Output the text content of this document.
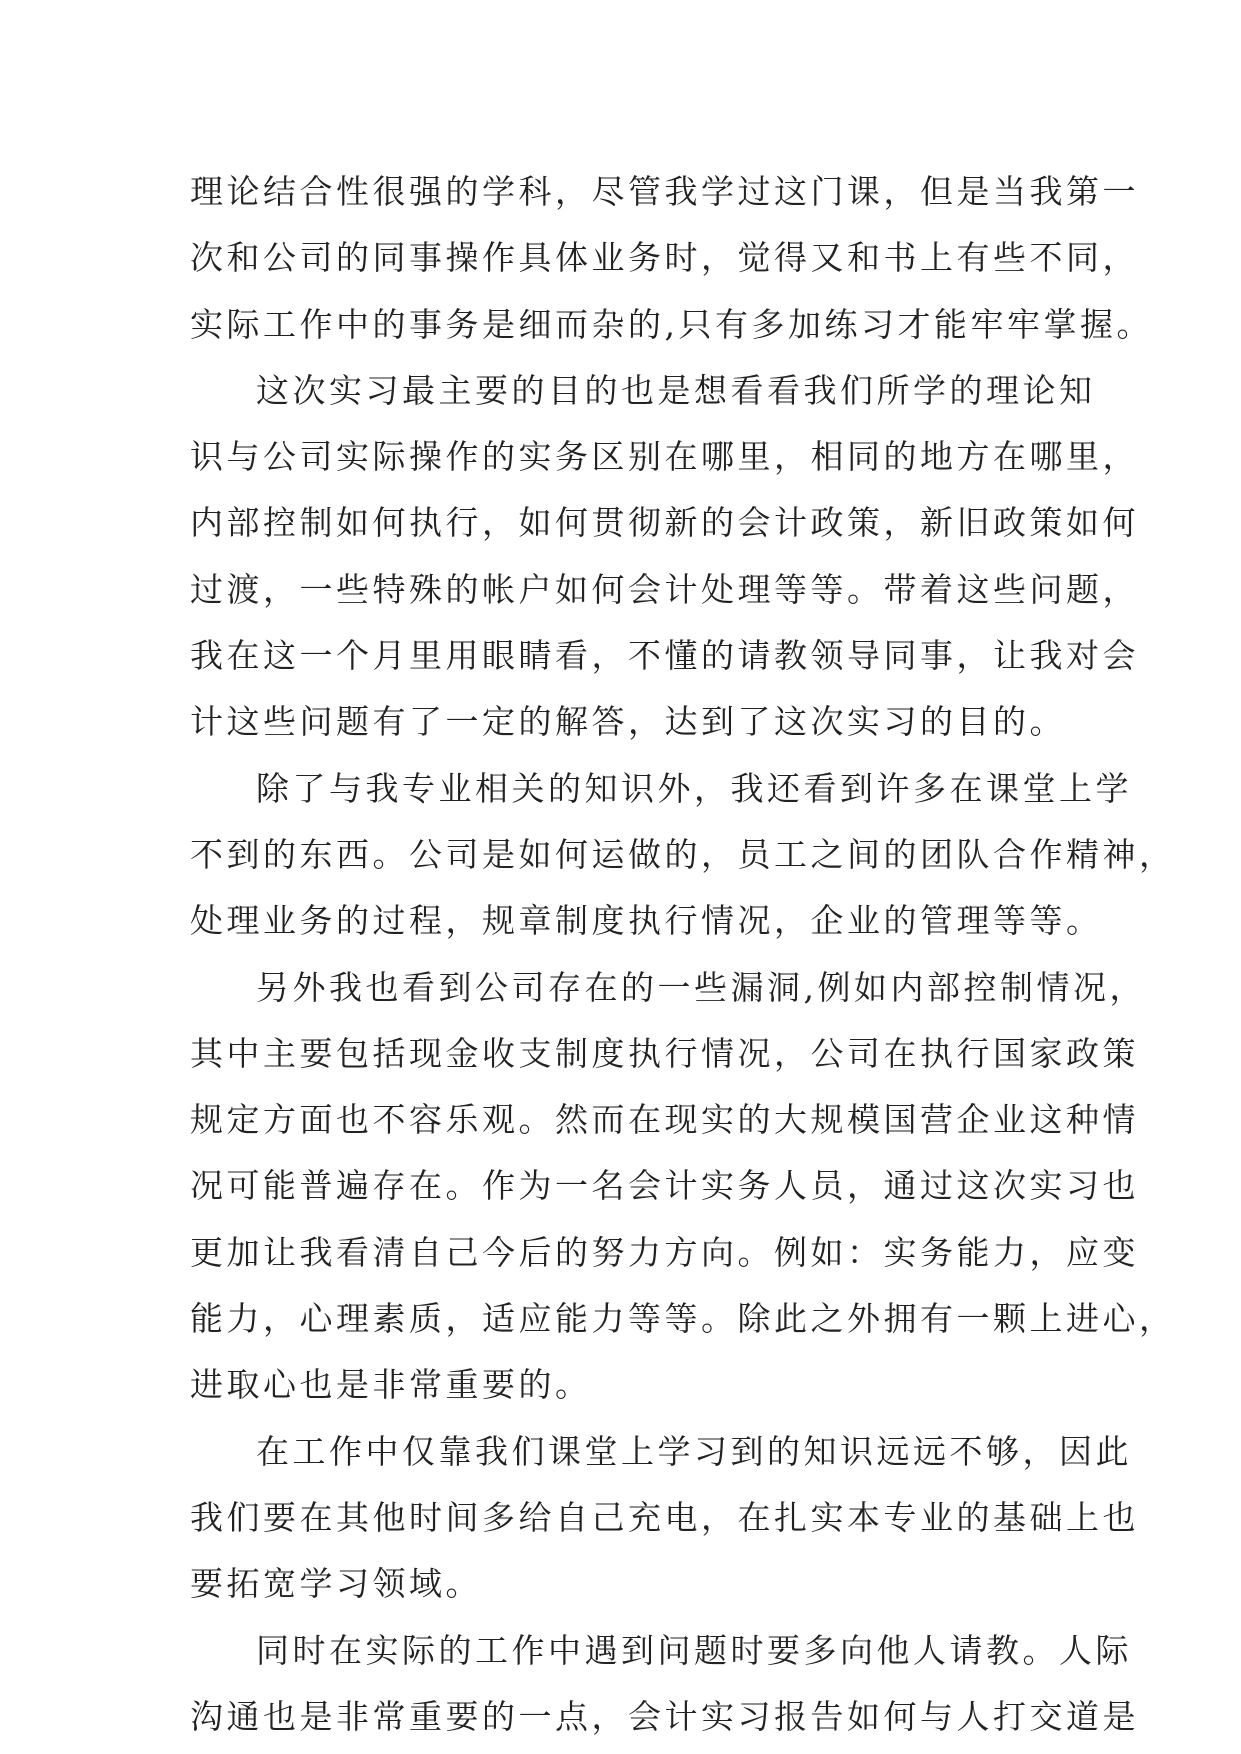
理论结合性很强的学科，尽管我学过这门课，但是当我第一
次和公司的同事操作具体业务时，觉得又和书上有些不同，
实际工作中的事务是细而杂的,只有多加练习才能牢牢掌握。
这次实习最主要的目的也是想看看我们所学的理论知
识与公司实际操作的实务区别在哪里，相同的地方在哪里，
内部控制如何执行，如何贯彻新的会计政策，新旧政策如何
过渡，一些特殊的帐户如何会计处理等等。带着这些问题，
我在这一个月里用眼睛看，不懂的请教领导同事，让我对会
计这些问题有了一定的解答，达到了这次实习的目的。
除了与我专业相关的知识外，我还看到许多在课堂上学
不到的东西。公司是如何运做的，员工之间的团队合作精神，
处理业务的过程，规章制度执行情况，企业的管理等等。
另外我也看到公司存在的一些漏洞,例如内部控制情况，
其中主要包括现金收支制度执行情况，公司在执行国家政策
规定方面也不容乐观。然而在现实的大规模国营企业这种情
况可能普遍存在。作为一名会计实务人员，通过这次实习也
更加让我看清自己今后的努力方向。例如：实务能力，应变
能力，心理素质，适应能力等等。除此之外拥有一颗上进心，
进取心也是非常重要的。
在工作中仅靠我们课堂上学习到的知识远远不够，因此
我们要在其他时间多给自己充电，在扎实本专业的基础上也
要拓宽学习领域。
同时在实际的工作中遇到问题时要多向他人请教。人际
沟通也是非常重要的一点，会计实习报告如何与人打交道是
